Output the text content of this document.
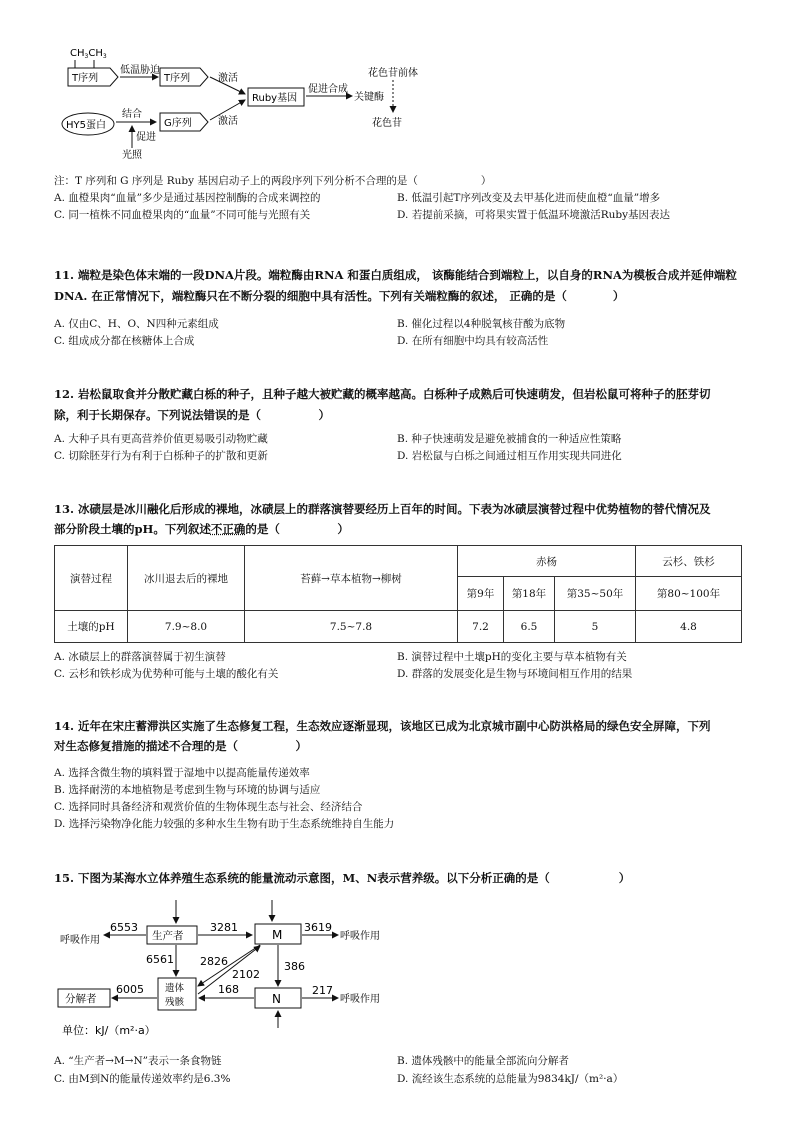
$CH_3CH_3$
T序列
低温胁迫
T序列	激活
激活
Ruby基因
促进合成
关键酶
花色苷前体
花色苷
HY5蛋白
结合
G序列
促进
光照
注：T 序列和 G 序列是 Ruby 基因启动子上的两段序列下列分析不合理的是（　　　　　　）
A. 血橙果肉“血量”多少是通过基因控制酶的合成来调控的	B. 低温引起T序列改变及去甲基化进而使血橙“血量”增多
C. 同一植株不同血橙果肉的“血量”不同可能与光照有关	D. 若提前采摘，可将果实置于低温环境激活Ruby基因表达
11. 端粒是染色体末端的一段DNA片段。端粒酶由RNA 和蛋白质组成， 该酶能结合到端粒上，以自身的RNA为模板合成并延伸端粒
DNA. 在正常情况下，端粒酶只在不断分裂的细胞中具有活性。下列有关端粒酶的叙述， 正确的是（　　　　）
A. 仅由C、H、O、N四种元素组成	B. 催化过程以4种脱氧核苷酸为底物
C. 组成成分都在核糖体上合成	D. 在所有细胞中均具有较高活性
12. 岩松鼠取食并分散贮藏白栎的种子，且种子越大被贮藏的概率越高。白栎种子成熟后可快速萌发，但岩松鼠可将种子的胚芽切
除，利于长期保存。下列说法错误的是（　　　　　）
A. 大种子具有更高营养价值更易吸引动物贮藏	B. 种子快速萌发是避免被捕食的一种适应性策略
C. 切除胚芽行为有利于白栎种子的扩散和更新	D. 岩松鼠与白栎之间通过相互作用实现共同进化
13. 冰碛层是冰川融化后形成的裸地，冰碛层上的群落演替要经历上百年的时间。下表为冰碛层演替过程中优势植物的替代情况及
部分阶段土壤的pH。下列叙述不正确的是（　　　　　）
演替过程	冰川退去后的裸地	苔藓→草本植物→柳树	赤杨			云杉、铁杉
			第9年	第18年	第35~50年	第80~100年
土壤的pH	7.9~8.0	7.5~7.8	7.2	6.5	5	4.8
A. 冰碛层上的群落演替属于初生演替	B. 演替过程中土壤pH的变化主要与草本植物有关
C. 云杉和铁杉成为优势种可能与土壤的酸化有关	D. 群落的发展变化是生物与环境间相互作用的结果
14. 近年在宋庄蓄滞洪区实施了生态修复工程，生态效应逐渐显现，该地区已成为北京城市副中心防洪格局的绿色安全屏障，下列
对生态修复措施的描述不合理的是（　　　　　）
A. 选择含微生物的填料置于湿地中以提高能量传递效率
B. 选择耐涝的本地植物是考虑到生物与环境的协调与适应
C. 选择同时具备经济和观赏价值的生物体现生态与社会、经济结合
D. 选择污染物净化能力较强的多种水生生物有助于生态系统维持自生能力
15. 下图为某海水立体养殖生态系统的能量流动示意图，M、N表示营养级。以下分析正确的是（　　　　　　）
生产者
6553
呼吸作用
3281
M
3619
呼吸作用
6561
遗体
残骸
2826
2102
386
N
168	217
呼吸作用
6005
分解者
单位：kJ/（m²·a）
A. “生产者→M→N”表示一条食物链	B. 遗体残骸中的能量全部流向分解者
C. 由M到N的能量传递效率约是6.3%	D. 流经该生态系统的总能量为9834kJ/（m²·a）
